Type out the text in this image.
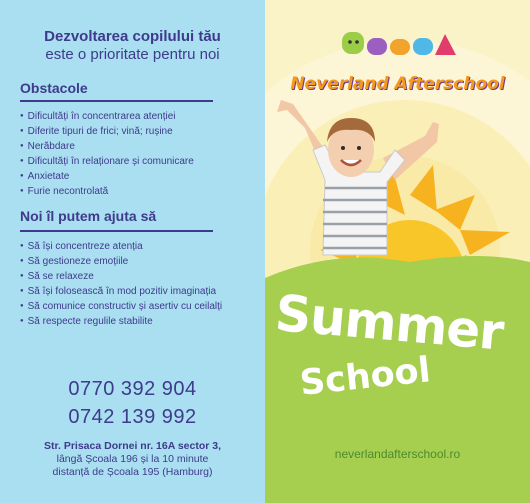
Dezvoltarea copilului tău
este o prioritate pentru noi
Obstacole
● Dificultăți în concentrarea atenției
● Diferite tipuri de frici; vină; rușine
● Nerăbdare
● Dificultăți în relaționare și comunicare
● Anxietate
● Furie necontrolată
Noi îl putem ajuta să
● Să își concentreze atenția
● Să gestioneze emoțiile
● Să se relaxeze
● Să își folosească în mod pozitiv imaginația
● Să comunice constructiv și asertiv cu ceilalți
● Să respecte regulile stabilite
0770 392 904
0742 139 992
Str. Prisaca Dornei nr. 16A sector 3,
lângă Școala 196 și la 10 minute
distanță de Școala 195 (Hamburg)
Neverland Afterschool
Summer
School
neverlandafterschool.ro
